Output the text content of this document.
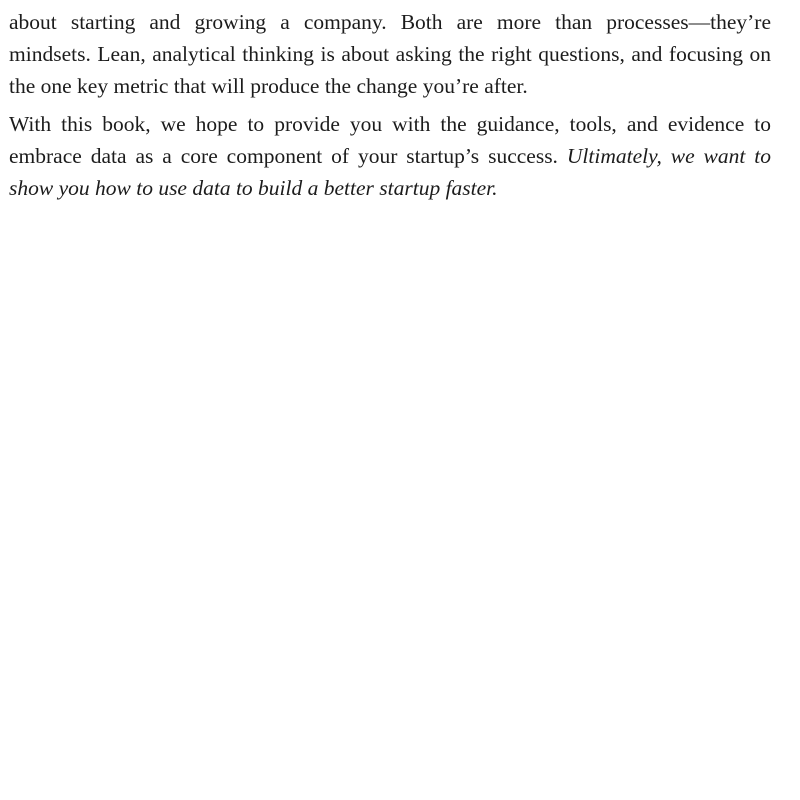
about starting and growing a company. Both are more than processes—they’re mindsets. Lean, analytical thinking is about asking the right questions, and focusing on the one key metric that will produce the change you’re after.

With this book, we hope to provide you with the guidance, tools, and evidence to embrace data as a core component of your startup’s success. Ultimately, we want to show you how to use data to build a better startup faster.
